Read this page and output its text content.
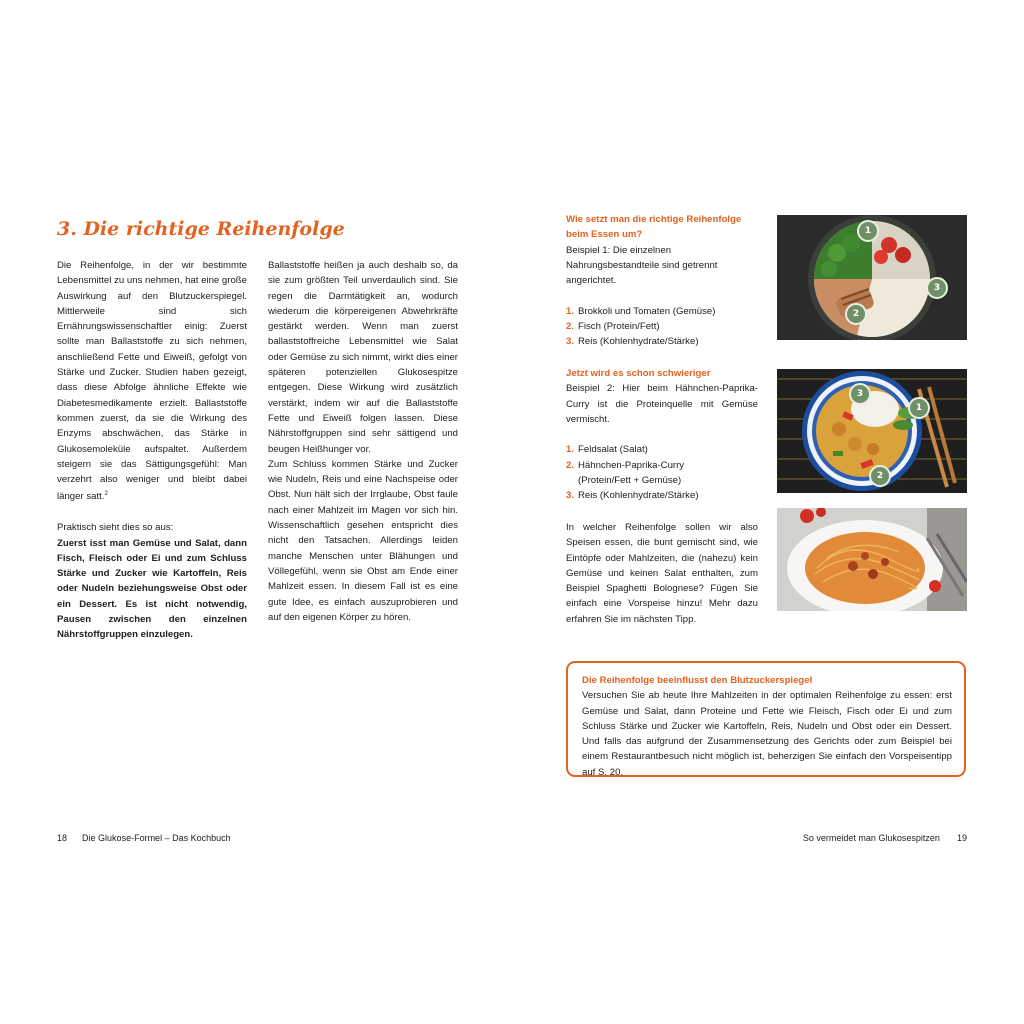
3. Die richtige Reihenfolge

Die Reihenfolge, in der wir bestimmte Lebensmittel zu uns nehmen, hat eine große Auswirkung auf den Blutzuckerspiegel. Mittlerweile sind sich Ernährungswissenschaftler einig: Zuerst sollte man Ballaststoffe zu sich nehmen, anschließend Fette und Eiweiß, gefolgt von Stärke und Zucker. Studien haben gezeigt, dass diese Abfolge ähnliche Effekte wie Diabetesmedikamente erzielt. Ballaststoffe kommen zuerst, da sie die Wirkung des Enzyms abschwächen, das Stärke in Glukosemoleküle aufspaltet. Außerdem steigern sie das Sättigungsgefühl: Man verzehrt also weniger und bleibt dabei länger satt.$^2$

Praktisch sieht dies so aus:

Zuerst isst man Gemüse und Salat, dann Fisch, Fleisch oder Ei und zum Schluss Stärke und Zucker wie Kartoffeln, Reis oder Nudeln beziehungsweise Obst oder ein Dessert. Es ist nicht notwendig, Pausen zwischen den einzelnen Nährstoffgruppen einzulegen.

Ballaststoffe heißen ja auch deshalb so, da sie zum größten Teil unverdaulich sind. Sie regen die Darmtätigkeit an, wodurch wiederum die körpereigenen Abwehrkräfte gestärkt werden. Wenn man zuerst ballaststoffreiche Lebensmittel wie Salat oder Gemüse zu sich nimmt, wirkt dies einer späteren potenziellen Glukosespitze entgegen. Diese Wirkung wird zusätzlich verstärkt, indem wir auf die Ballaststoffe Fette und Eiweiß folgen lassen. Diese Nährstoffgruppen sind sehr sättigend und beugen Heißhunger vor.

Zum Schluss kommen Stärke und Zucker wie Nudeln, Reis und eine Nachspeise oder Obst. Nun hält sich der Irrglaube, Obst faule nach einer Mahlzeit im Magen vor sich hin. Wissenschaftlich gesehen entspricht dies nicht den Tatsachen. Allerdings leiden manche Menschen unter Blähungen und Völlegefühl, wenn sie Obst am Ende einer Mahlzeit essen. In diesem Fall ist es eine gute Idee, es einfach auszuprobieren und auf den eigenen Körper zu hören.

18 Die Glukose-Formel – Das Kochbuch

Wie setzt man die richtige Reihenfolge beim Essen um?

Beispiel 1: Die einzelnen Nahrungsbestandteile sind getrennt angerichtet.

1. Brokkoli und Tomaten (Gemüse)
2. Fisch (Protein/Fett)
3. Reis (Kohlenhydrate/Stärke)

Jetzt wird es schon schwieriger

Beispiel 2: Hier beim Hähnchen-Paprika-Curry ist die Proteinquelle mit Gemüse vermischt.

1. Feldsalat (Salat)
2. Hähnchen-Paprika-Curry
(Protein/Fett + Gemüse)
3. Reis (Kohlenhydrate/Stärke)

In welcher Reihenfolge sollen wir also Speisen essen, die bunt gemischt sind, wie Eintöpfe oder Mahlzeiten, die (nahezu) kein Gemüse und keinen Salat enthalten, zum Beispiel Spaghetti Bolognese? Fügen Sie einfach eine Vorspeise hinzu! Mehr dazu erfahren Sie im nächsten Tipp.

1
2
3
3
1
2
Die Reihenfolge beeinflusst den Blutzuckerspiegel
Versuchen Sie ab heute Ihre Mahlzeiten in der optimalen Reihenfolge zu essen: erst Gemüse und Salat, dann Proteine und Fette wie Fleisch, Fisch oder Ei und zum Schluss Stärke und Zucker wie Kartoffeln, Reis, Nudeln und Obst oder ein Dessert. Und falls das aufgrund der Zusammensetzung des Gerichts oder zum Beispiel bei einem Restaurantbesuch nicht möglich ist, beherzigen Sie einfach den Vorspeisentipp auf S. 20.
So vermeidet man Glukosespitzen 19
